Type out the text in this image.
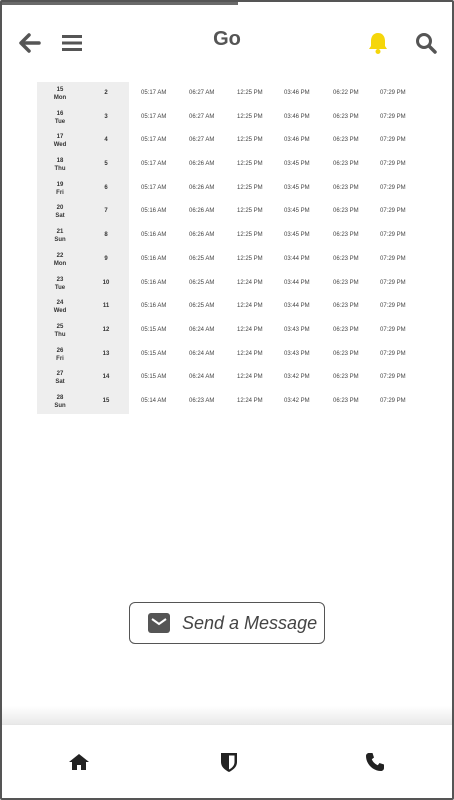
Go
15
Mon
2	05:17 AM	06:27 AM	12:25 PM	03:46 PM	06:22 PM	07:29 PM
16
Tue
3	05:17 AM	06:27 AM	12:25 PM	03:46 PM	06:23 PM	07:29 PM
17
Wed
4	05:17 AM	06:27 AM	12:25 PM	03:46 PM	06:23 PM	07:29 PM
18
Thu
5	05:17 AM	06:26 AM	12:25 PM	03:45 PM	06:23 PM	07:29 PM
19
Fri
6	05:17 AM	06:26 AM	12:25 PM	03:45 PM	06:23 PM	07:29 PM
20
Sat
7	05:16 AM	06:26 AM	12:25 PM	03:45 PM	06:23 PM	07:29 PM
21
Sun
8	05:16 AM	06:26 AM	12:25 PM	03:45 PM	06:23 PM	07:29 PM
22
Mon
9	05:16 AM	06:25 AM	12:25 PM	03:44 PM	06:23 PM	07:29 PM
23
Tue
10	05:16 AM	06:25 AM	12:24 PM	03:44 PM	06:23 PM	07:29 PM
24
Wed
11	05:16 AM	06:25 AM	12:24 PM	03:44 PM	06:23 PM	07:29 PM
25
Thu
12	05:15 AM	06:24 AM	12:24 PM	03:43 PM	06:23 PM	07:29 PM
26
Fri
13	05:15 AM	06:24 AM	12:24 PM	03:43 PM	06:23 PM	07:29 PM
27
Sat
14	05:15 AM	06:24 AM	12:24 PM	03:42 PM	06:23 PM	07:29 PM
28
Sun
15	05:14 AM	06:23 AM	12:24 PM	03:42 PM	06:23 PM	07:29 PM
Send a Message
